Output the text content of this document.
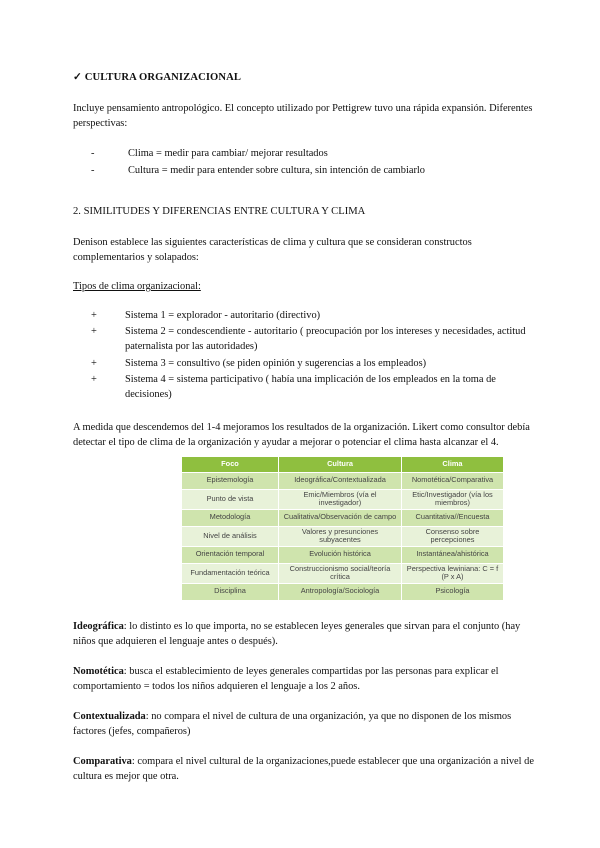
✓ CULTURA ORGANIZACIONAL
Incluye pensamiento antropológico. El concepto utilizado por Pettigrew tuvo una rápida expansión. Diferentes perspectivas:
-	Clima = medir para cambiar/ mejorar resultados
-	Cultura = medir para entender sobre cultura, sin intención de cambiarlo
2. SIMILITUDES Y DIFERENCIAS ENTRE CULTURA Y CLIMA
Denison establece las siguientes características de clima y cultura que se consideran constructos complementarios y solapados:
Tipos de clima organizacional:
+	Sistema 1 = explorador - autoritario (directivo)
+	Sistema 2 = condescendiente - autoritario ( preocupación por los intereses y necesidades, actitud paternalista por las autoridades)
+	Sistema 3 = consultivo (se piden opinión y sugerencias a los empleados)
+	Sistema 4 = sistema participativo ( había una implicación de los empleados en la toma de decisiones)
A medida que descendemos del 1-4 mejoramos los resultados de la organización. Likert como consultor debía detectar el tipo de clima de la organización y ayudar a mejorar o potenciar el clima hasta alcanzar el 4.
Foco	Cultura	Clima
Epistemología	Ideográfica/Contextualizada	Nomotética/Comparativa
Punto de vista	Emic/Miembros (vía el investigador)	Etic/Investigador (vía los miembros)
Metodología	Cualitativa/Observación de campo	Cuantitativa//Encuesta
Nivel de análisis	Valores y presunciones subyacentes	Consenso sobre percepciones
Orientación temporal	Evolución histórica	Instantánea/ahistórica
Fundamentación teórica	Construccionismo social/teoría crítica	Perspectiva lewiniana: C = f (P x A)
Disciplina	Antropología/Sociología	Psicología
Ideográfica: lo distinto es lo que importa, no se establecen leyes generales que sirvan para el conjunto (hay niños que adquieren el lenguaje antes o después).
Nomotética: busca el establecimiento de leyes generales compartidas por las personas para explicar el comportamiento = todos los niños adquieren el lenguaje a los 2 años.
Contextualizada: no compara el nivel de cultura de una organización, ya que no disponen de los mismos factores (jefes, compañeros)
Comparativa: compara el nivel cultural de la organizaciones,puede establecer que una organización a nivel de cultura es mejor que otra.
